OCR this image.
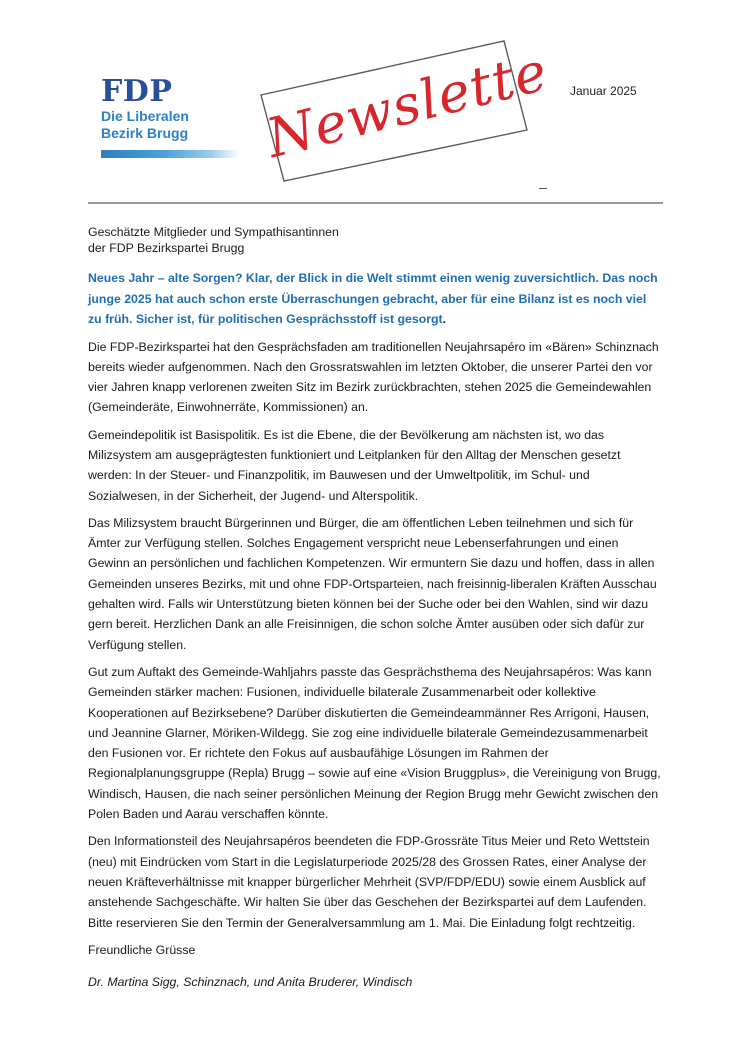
FDP
Die Liberalen
Bezirk Brugg Newslette Januar 2025

Geschätzte Mitglieder und Sympathisantinnen
der FDP Bezirkspartei Brugg

Neues Jahr – alte Sorgen? Klar, der Blick in die Welt stimmt einen wenig zuversichtlich. Das noch junge 2025 hat auch schon erste Überraschungen gebracht, aber für eine Bilanz ist es noch viel zu früh. Sicher ist, für politischen Gesprächsstoff ist gesorgt.

Die FDP-Bezirkspartei hat den Gesprächsfaden am traditionellen Neujahrsapéro im «Bären» Schinznach bereits wieder aufgenommen. Nach den Grossratswahlen im letzten Oktober, die unserer Partei den vor vier Jahren knapp verlorenen zweiten Sitz im Bezirk zurückbrachten, stehen 2025 die Gemeindewahlen (Gemeinderäte, Einwohnerräte, Kommissionen) an.

Gemeindepolitik ist Basispolitik. Es ist die Ebene, die der Bevölkerung am nächsten ist, wo das Milizsystem am ausgeprägtesten funktioniert und Leitplanken für den Alltag der Menschen gesetzt werden: In der Steuer- und Finanzpolitik, im Bauwesen und der Umweltpolitik, im Schul- und Sozialwesen, in der Sicherheit, der Jugend- und Alterspolitik.

Das Milizsystem braucht Bürgerinnen und Bürger, die am öffentlichen Leben teilnehmen und sich für Ämter zur Verfügung stellen. Solches Engagement verspricht neue Lebenserfahrungen und einen Gewinn an persönlichen und fachlichen Kompetenzen. Wir ermuntern Sie dazu und hoffen, dass in allen Gemeinden unseres Bezirks, mit und ohne FDP-Ortsparteien, nach freisinnig-liberalen Kräften Ausschau gehalten wird. Falls wir Unterstützung bieten können bei der Suche oder bei den Wahlen, sind wir dazu gern bereit. Herzlichen Dank an alle Freisinnigen, die schon solche Ämter ausüben oder sich dafür zur Verfügung stellen.

Gut zum Auftakt des Gemeinde-Wahljahrs passte das Gesprächsthema des Neujahrsapéros: Was kann Gemeinden stärker machen: Fusionen, individuelle bilaterale Zusammenarbeit oder kollektive Kooperationen auf Bezirksebene? Darüber diskutierten die Gemeindeammänner Res Arrigoni, Hausen, und Jeannine Glarner, Möriken-Wildegg. Sie zog eine individuelle bilaterale Gemeindezusammenarbeit den Fusionen vor. Er richtete den Fokus auf ausbaufähige Lösungen im Rahmen der Regionalplanungsgruppe (Repla) Brugg – sowie auf eine «Vision Bruggplus», die Vereinigung von Brugg, Windisch, Hausen, die nach seiner persönlichen Meinung der Region Brugg mehr Gewicht zwischen den Polen Baden und Aarau verschaffen könnte.

Den Informationsteil des Neujahrsapéros beendeten die FDP-Grossräte Titus Meier und Reto Wettstein (neu) mit Eindrücken vom Start in die Legislaturperiode 2025/28 des Grossen Rates, einer Analyse der neuen Kräfteverhältnisse mit knapper bürgerlicher Mehrheit (SVP/FDP/EDU) sowie einem Ausblick auf anstehende Sachgeschäfte. Wir halten Sie über das Geschehen der Bezirkspartei auf dem Laufenden.

Bitte reservieren Sie den Termin der Generalversammlung am 1. Mai. Die Einladung folgt rechtzeitig.

Freundliche Grüsse

Dr. Martina Sigg, Schinznach, und Anita Bruderer, Windisch
